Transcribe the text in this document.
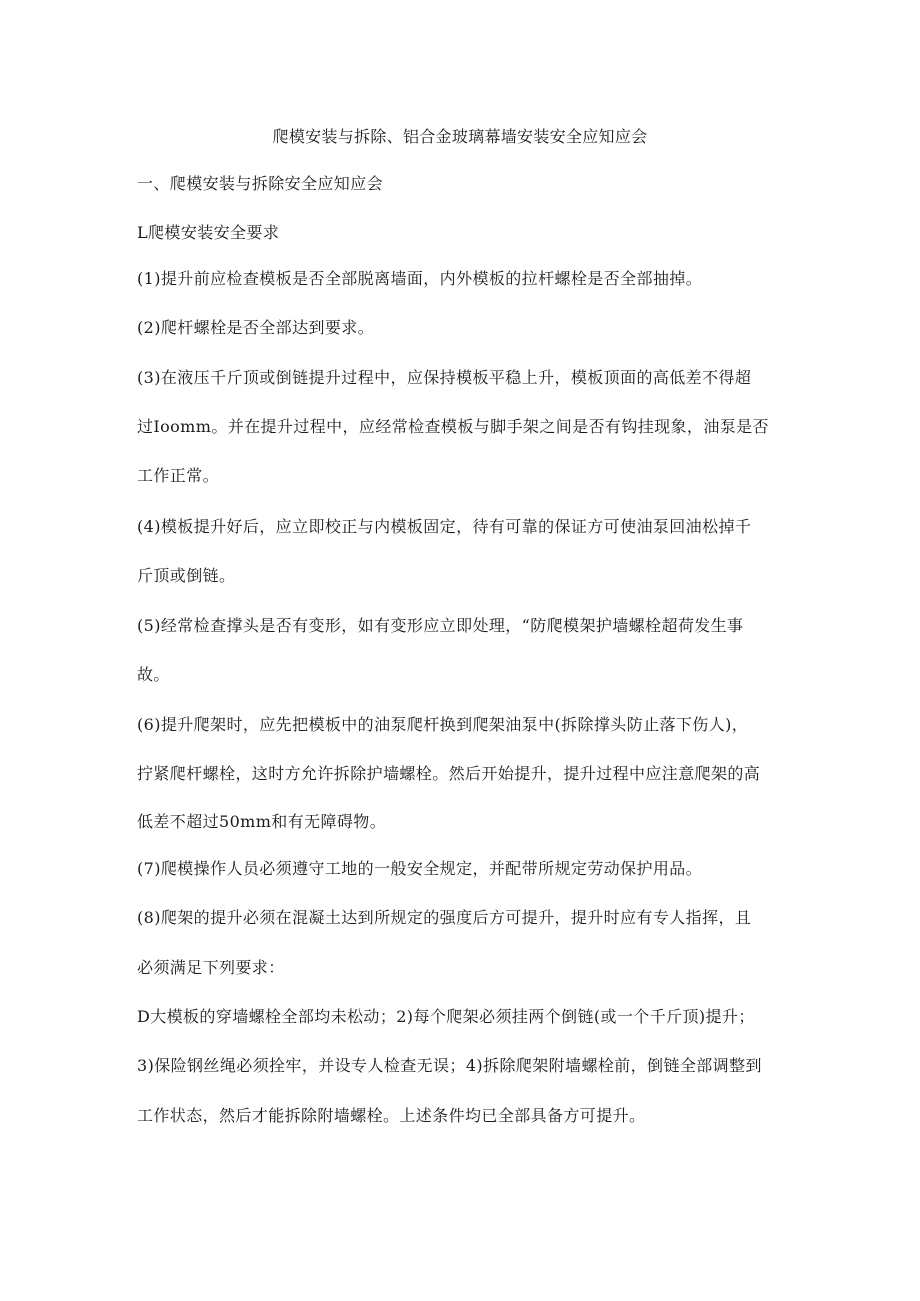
爬模安装与拆除、铝合金玻璃幕墙安装安全应知应会
一、爬模安装与拆除安全应知应会
L爬模安装安全要求
(1)提升前应检查模板是否全部脱离墙面，内外模板的拉杆螺栓是否全部抽掉。
(2)爬杆螺栓是否全部达到要求。
(3)在液压千斤顶或倒链提升过程中，应保持模板平稳上升，模板顶面的高低差不得超
过Ioomm。并在提升过程中，应经常检查模板与脚手架之间是否有钩挂现象，油泵是否
工作正常。
(4)模板提升好后，应立即校正与内模板固定，待有可靠的保证方可使油泵回油松掉千
斤顶或倒链。
(5)经常检查撑头是否有变形，如有变形应立即处理，“防爬模架护墙螺栓超荷发生事
故。
(6)提升爬架时，应先把模板中的油泵爬杆换到爬架油泵中(拆除撑头防止落下伤人)，
拧紧爬杆螺栓，这时方允许拆除护墙螺栓。然后开始提升，提升过程中应注意爬架的高
低差不超过50mm和有无障碍物。
(7)爬模操作人员必须遵守工地的一般安全规定，并配带所规定劳动保护用品。
(8)爬架的提升必须在混凝土达到所规定的强度后方可提升，提升时应有专人指挥，且
必须满足下列要求：
D大模板的穿墙螺栓全部均未松动；2)每个爬架必须挂两个倒链(或一个千斤顶)提升；
3)保险钢丝绳必须拴牢，并设专人检查无误；4)拆除爬架附墙螺栓前，倒链全部调整到
工作状态，然后才能拆除附墙螺栓。上述条件均已全部具备方可提升。
